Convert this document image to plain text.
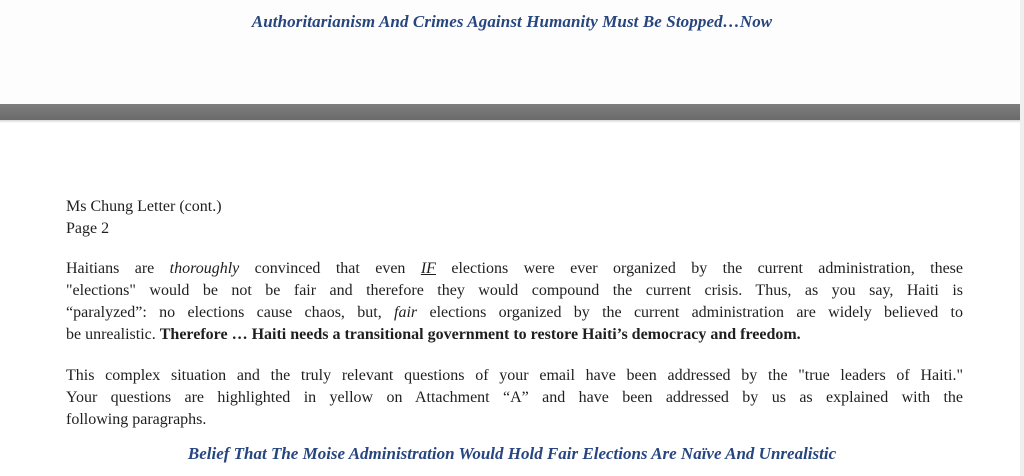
Authoritarianism And Crimes Against Humanity Must Be Stopped…Now
Ms Chung Letter (cont.)
Page 2
Haitians are thoroughly convinced that even IF elections were ever organized by the current administration, these
"elections" would be not be fair and therefore they would compound the current crisis. Thus, as you say, Haiti is
“paralyzed”: no elections cause chaos, but, fair elections organized by the current administration are widely believed to
be unrealistic. Therefore … Haiti needs a transitional government to restore Haiti’s democracy and freedom.
This complex situation and the truly relevant questions of your email have been addressed by the "true leaders of Haiti."
Your questions are highlighted in yellow on Attachment “A” and have been addressed by us as explained with the
following paragraphs.
Belief That The Moise Administration Would Hold Fair Elections Are Naïve And Unrealistic
